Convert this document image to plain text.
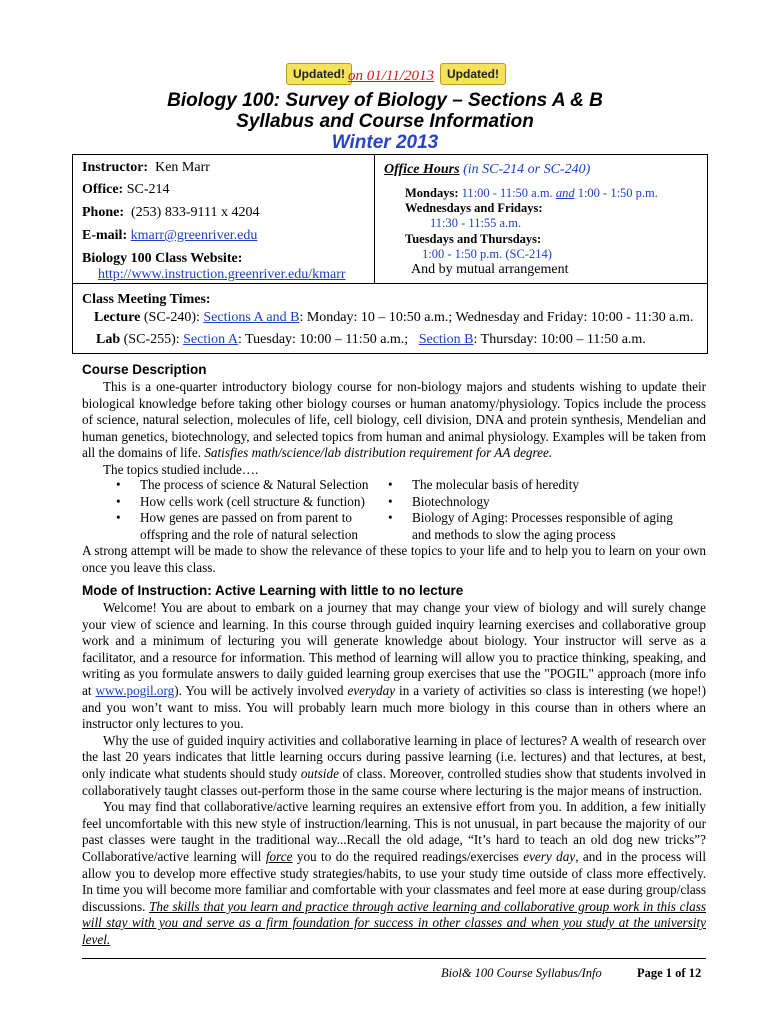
Updated! on 01/11/2013	Updated!
Biology 100: Survey of Biology – Sections A & B
Syllabus and Course Information
Winter 2013
Instructor: Ken Marr
Office: SC-214
Phone: (253) 833-9111 x 4204
E-mail: kmarr@greenriver.edu
Biology 100 Class Website:
http://www.instruction.greenriver.edu/kmarr
Office Hours (in SC-214 or SC-240)
Mondays: 11:00 - 11:50 a.m. and 1:00 - 1:50 p.m.
Wednesdays and Fridays:
11:30 - 11:55 a.m.
Tuesdays and Thursdays:
1:00 - 1:50 p.m. (SC-214)
And by mutual arrangement
Class Meeting Times:
Lecture (SC-240): Sections A and B: Monday: 10 – 10:50 a.m.; Wednesday and Friday: 10:00 - 11:30 a.m.
Lab (SC-255): Section A: Tuesday: 10:00 – 11:50 a.m.; Section B: Thursday: 10:00 – 11:50 a.m.
Course Description

This is a one-quarter introductory biology course for non-biology majors and students wishing to update their biological knowledge before taking other biology courses or human anatomy/physiology. Topics include the process of science, natural selection, molecules of life, cell biology, cell division, DNA and protein synthesis, Mendelian and human genetics, biotechnology, and selected topics from human and animal physiology. Examples will be taken from all the domains of life. Satisfies math/science/lab distribution requirement for AA degree.

The topics studied include….

• The process of science & Natural Selection
• How cells work (cell structure & function)
• How genes are passed on from parent to offspring and the role of natural selection
• The molecular basis of heredity
• Biotechnology
• Biology of Aging: Processes responsible of aging and methods to slow the aging process

A strong attempt will be made to show the relevance of these topics to your life and to help you to learn on your own once you leave this class.

Mode of Instruction: Active Learning with little to no lecture

Welcome! You are about to embark on a journey that may change your view of biology and will surely change your view of science and learning. In this course through guided inquiry learning exercises and collaborative group work and a minimum of lecturing you will generate knowledge about biology. Your instructor will serve as a facilitator, and a resource for information. This method of learning will allow you to practice thinking, speaking, and writing as you formulate answers to daily guided learning group exercises that use the "POGIL" approach (more info at www.pogil.org). You will be actively involved everyday in a variety of activities so class is interesting (we hope!) and you won’t want to miss. You will probably learn much more biology in this course than in others where an instructor only lectures to you.

Why the use of guided inquiry activities and collaborative learning in place of lectures? A wealth of research over the last 20 years indicates that little learning occurs during passive learning (i.e. lectures) and that lectures, at best, only indicate what students should study outside of class. Moreover, controlled studies show that students involved in collaboratively taught classes out-perform those in the same course where lecturing is the major means of instruction.

You may find that collaborative/active learning requires an extensive effort from you. In addition, a few initially feel uncomfortable with this new style of instruction/learning. This is not unusual, in part because the majority of our past classes were taught in the traditional way...Recall the old adage, “It’s hard to teach an old dog new tricks”? Collaborative/active learning will force you to do the required readings/exercises every day, and in the process will allow you to develop more effective study strategies/habits, to use your study time outside of class more effectively. In time you will become more familiar and comfortable with your classmates and feel more at ease during group/class discussions. The skills that you learn and practice through active learning and collaborative group work in this class will stay with you and serve as a firm foundation for success in other classes and when you study at the university level.

Biol& 100 Course Syllabus/Info	Page 1 of 12
